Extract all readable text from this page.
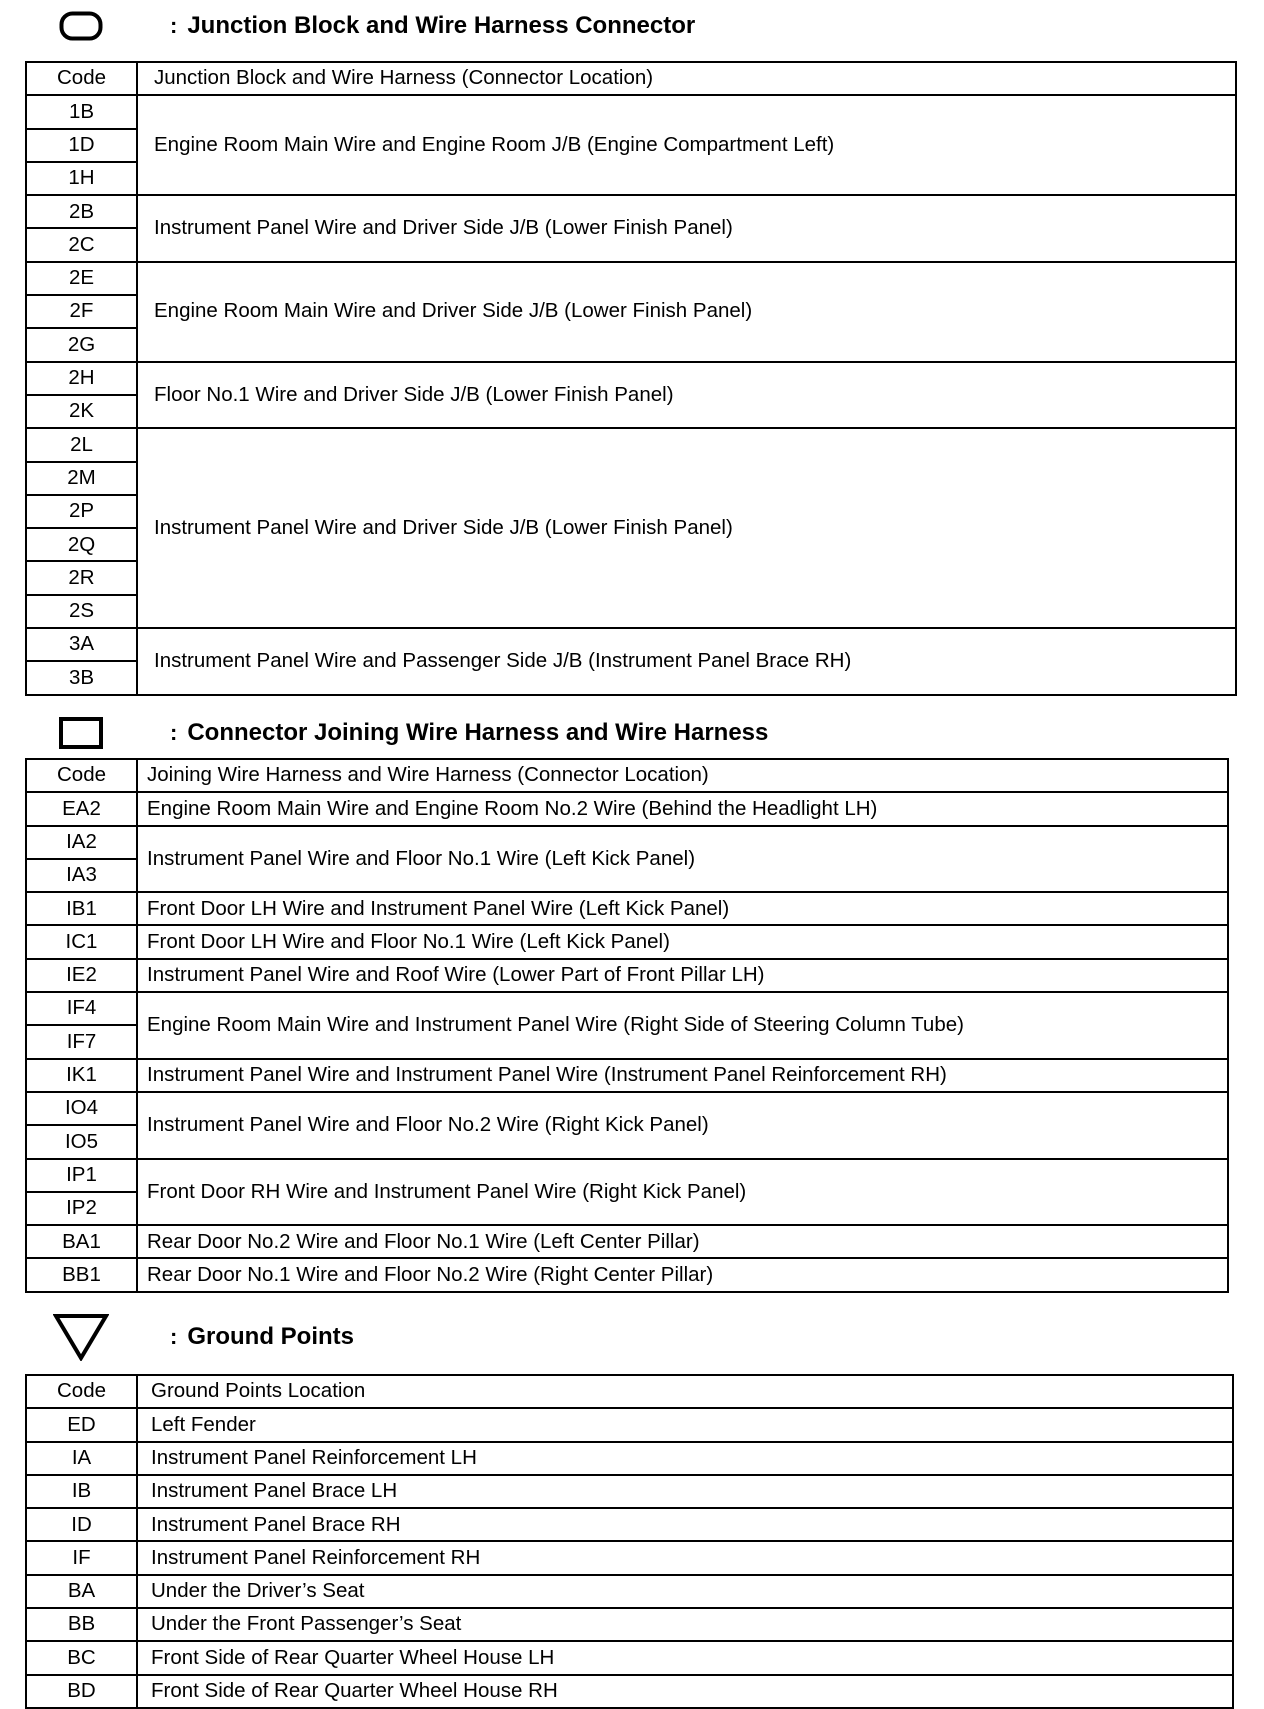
: Junction Block and Wire Harness Connector
Code	Junction Block and Wire Harness (Connector Location)
1B	Engine Room Main Wire and Engine Room J/B (Engine Compartment Left)
1D	
1H	
2B	Instrument Panel Wire and Driver Side J/B (Lower Finish Panel)
2C	
2E	Engine Room Main Wire and Driver Side J/B (Lower Finish Panel)
2F	
2G	
2H	Floor No.1 Wire and Driver Side J/B (Lower Finish Panel)
2K	
2L	Instrument Panel Wire and Driver Side J/B (Lower Finish Panel)
2M	
2P	
2Q	
2R	
2S	
3A	Instrument Panel Wire and Passenger Side J/B (Instrument Panel Brace RH)
3B	
: Connector Joining Wire Harness and Wire Harness
Code	Joining Wire Harness and Wire Harness (Connector Location)
EA2	Engine Room Main Wire and Engine Room No.2 Wire (Behind the Headlight LH)
IA2	Instrument Panel Wire and Floor No.1 Wire (Left Kick Panel)
IA3	
IB1	Front Door LH Wire and Instrument Panel Wire (Left Kick Panel)
IC1	Front Door LH Wire and Floor No.1 Wire (Left Kick Panel)
IE2	Instrument Panel Wire and Roof Wire (Lower Part of Front Pillar LH)
IF4	Engine Room Main Wire and Instrument Panel Wire (Right Side of Steering Column Tube)
IF7	
IK1	Instrument Panel Wire and Instrument Panel Wire (Instrument Panel Reinforcement RH)
IO4	Instrument Panel Wire and Floor No.2 Wire (Right Kick Panel)
IO5	
IP1	Front Door RH Wire and Instrument Panel Wire (Right Kick Panel)
IP2	
BA1	Rear Door No.2 Wire and Floor No.1 Wire (Left Center Pillar)
BB1	Rear Door No.1 Wire and Floor No.2 Wire (Right Center Pillar)
: Ground Points
Code	Ground Points Location
ED	Left Fender
IA	Instrument Panel Reinforcement LH
IB	Instrument Panel Brace LH
ID	Instrument Panel Brace RH
IF	Instrument Panel Reinforcement RH
BA	Under the Driver’s Seat
BB	Under the Front Passenger’s Seat
BC	Front Side of Rear Quarter Wheel House LH
BD	Front Side of Rear Quarter Wheel House RH
